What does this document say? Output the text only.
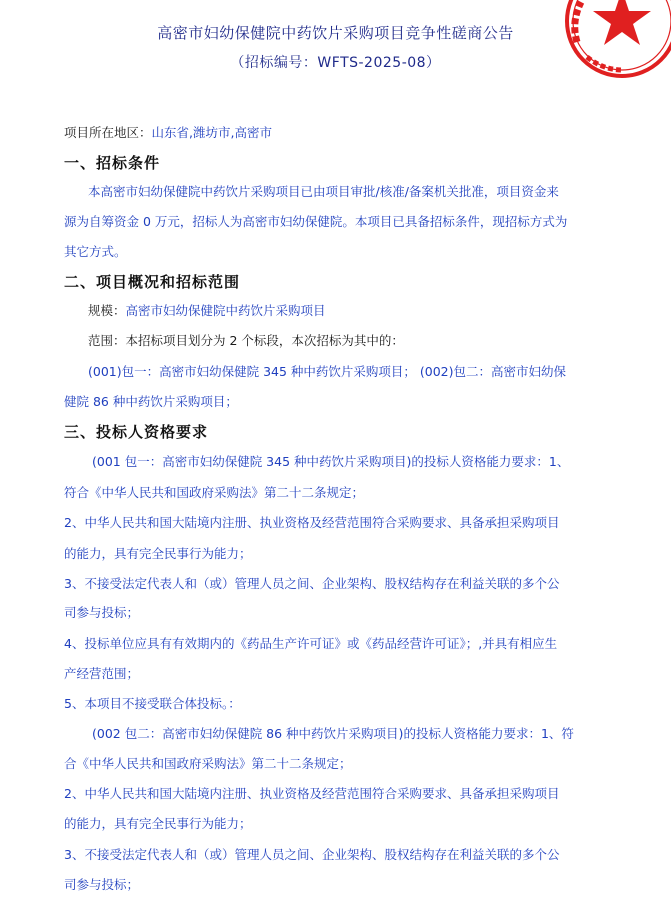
高密市妇幼保健院中药饮片采购项目竞争性磋商公告
（招标编号：WFTS-2025-08）
项目所在地区：山东省,潍坊市,高密市
一、招标条件
本高密市妇幼保健院中药饮片采购项目已由项目审批/核准/备案机关批准，项目资金来
源为自筹资金 0 万元，招标人为高密市妇幼保健院。本项目已具备招标条件，现招标方式为
其它方式。
二、项目概况和招标范围
规模：高密市妇幼保健院中药饮片采购项目
范围：本招标项目划分为 2 个标段，本次招标为其中的：
(001)包一：高密市妇幼保健院 345 种中药饮片采购项目； (002)包二：高密市妇幼保
健院 86 种中药饮片采购项目；
三、投标人资格要求
(001 包一：高密市妇幼保健院 345 种中药饮片采购项目)的投标人资格能力要求：1、
符合《中华人民共和国政府采购法》第二十二条规定；
2、中华人民共和国大陆境内注册、执业资格及经营范围符合采购要求、具备承担采购项目
的能力，具有完全民事行为能力；
3、不接受法定代表人和（或）管理人员之间、企业架构、股权结构存在利益关联的多个公
司参与投标；
4、投标单位应具有有效期内的《药品生产许可证》或《药品经营许可证》；,并具有相应生
产经营范围；
5、本项目不接受联合体投标。：
(002 包二：高密市妇幼保健院 86 种中药饮片采购项目)的投标人资格能力要求：1、符
合《中华人民共和国政府采购法》第二十二条规定；
2、中华人民共和国大陆境内注册、执业资格及经营范围符合采购要求、具备承担采购项目
的能力，具有完全民事行为能力；
3、不接受法定代表人和（或）管理人员之间、企业架构、股权结构存在利益关联的多个公
司参与投标；
